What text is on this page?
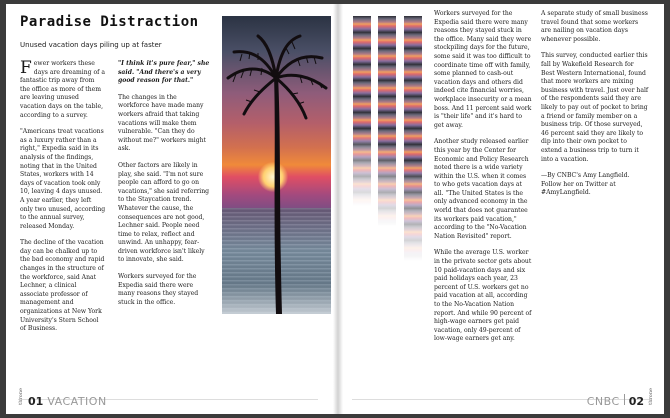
Paradise Distraction
Unused vacation days piling up at faster

Fewer workers these days are dreaming of a fantastic trip away from the office as more of them are leaving unused vacation days on the table, according to a survey.

"Americans treat vacations as a luxury rather than a right," Expedia said in its analysis of the findings, noting that in the United States, workers with 14 days of vacation took only 10, leaving 4 days unused. A year earlier, they left only two unused, according to the annual survey, released Monday.

The decline of the vacation day can be chalked up to the bad economy and rapid changes in the structure of the workforce, said Anat Lechner, a clinical associate professor of management and organizations at New York University's Stern School of Business.

"I think it's pure fear," she said. "And there's a very good reason for that."

The changes in the workforce have made many workers afraid that taking vacations will make them vulnerable. "Can they do without me?" workers might ask.

Other factors are likely in play, she said. "I'm not sure people can afford to go on vacations," she said referring to the Staycation trend. Whatever the cause, the consequences are not good, Lechner said. People need time to relax, reflect and unwind. An unhappy, fear-driven workforce isn't likely to innovate, she said.

Workers surveyed for the Expedia said there were many reasons they stayed stuck in the office.

Workers surveyed for the Expedia said there were many reasons they stayed stuck in the office. Many said they were stockpiling days for the future, some said it was too difficult to coordinate time off with family, some planned to cash-out vacation days and others did indeed cite financial worries, workplace insecurity or a mean boss. And 11 percent said work is "their life" and it's hard to get away.

Another study released earlier this year by the Center for Economic and Policy Research noted there is a wide variety within the U.S. when it comes to who gets vacation days at all. "The United States is the only advanced economy in the world that does not guarantee its workers paid vacation," according to the "No-Vacation Nation Revisited" report.

While the average U.S. worker in the private sector gets about 10 paid-vacation days and six paid holidays each year, 23 percent of U.S. workers get no paid vacation at all, according to the No-Vacation Nation report. And while 90 percent of high-wage earners get paid vacation, only 49-percent of low-wage earners get any.

A separate study of small business travel found that some workers are nailing on vacation days whenever possible.

This survey, conducted earlier this fall by Wakefield Research for Best Western International, found that more workers are mixing business with travel. Just over half of the respondents said they are likely to pay out of pocket to bring a friend or family member on a business trip. Of those surveyed, 46 percent said they are likely to dip into their own pocket to extend a business trip to turn it into a vacation.

—By CNBC's Amy Langfield. Follow her on Twitter at #AmyLangfield.

throne 01 VACATION	CNBC 02 throne
